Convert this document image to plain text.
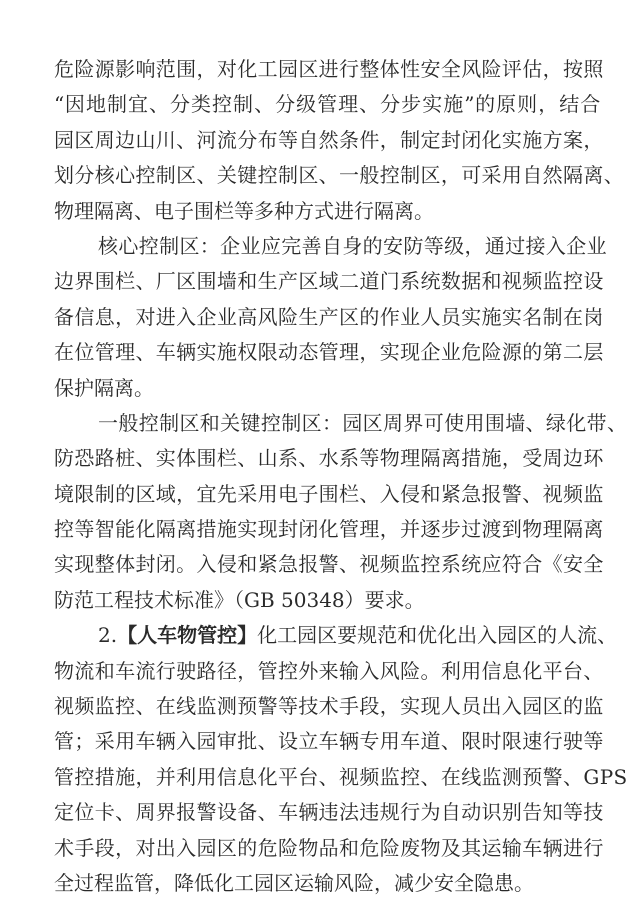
危 险 源 影 响 范 围 ， 对 化 工 园 区 进 行 整 体 性 安 全 风 险 评 估 ， 按 照
“ 因 地 制 宜 、 分 类 控 制 、 分 级 管 理 、 分 步 实 施 ” 的 原 则 ， 结 合
园 区 周 边 山 川 、 河 流 分 布 等 自 然 条 件 ， 制 定 封 闭 化 实 施 方 案 ，
划 分 核 心 控 制 区 、 关 键 控 制 区 、 一 般 控 制 区 ， 可 采 用 自 然 隔 离 、
物理隔离、电子围栏等多种方式进行隔离。
核 心 控 制 区 ： 企 业 应 完 善 自 身 的 安 防 等 级 ， 通 过 接 入 企 业
边 界 围 栏 、 厂 区 围 墙 和 生 产 区 域 二 道 门 系 统 数 据 和 视 频 监 控 设
备 信 息 ， 对 进 入 企 业 高 风 险 生 产 区 的 作 业 人 员 实 施 实 名 制 在 岗
在 位 管 理 、 车 辆 实 施 权 限 动 态 管 理 ， 实 现 企 业 危 险 源 的 第 二 层
保护隔离。
一 般 控 制 区 和 关 键 控 制 区 ： 园 区 周 界 可 使 用 围 墙 、 绿 化 带 、
防 恐 路 桩 、 实 体 围 栏 、 山 系 、 水 系 等 物 理 隔 离 措 施 ， 受 周 边 环
境 限 制 的 区 域 ， 宜 先 采 用 电 子 围 栏 、 入 侵 和 紧 急 报 警 、 视 频 监
控 等 智 能 化 隔 离 措 施 实 现 封 闭 化 管 理 ， 并 逐 步 过 渡 到 物 理 隔 离
实 现 整 体 封 闭 。 入 侵 和 紧 急 报 警 、 视 频 监 控 系 统 应 符 合 《 安 全
防范工程技术标准》（GB 50348）要求。
2. 【人车物管控】 化工园区要规范和优化出入园区的人流、
物 流 和 车 流 行 驶 路 径 ， 管 控 外 来 输 入 风 险 。 利 用 信 息 化 平 台 、
视 频 监 控 、 在 线 监 测 预 警 等 技 术 手 段 ， 实 现 人 员 出 入 园 区 的 监
管 ； 采 用 车 辆 入 园 审 批 、 设 立 车 辆 专 用 车 道 、 限 时 限 速 行 驶 等
管 控 措 施 ， 并 利 用 信 息 化 平 台 、 视 频 监 控 、 在 线 监 测 预 警 、 G P S
定 位 卡 、 周 界 报 警 设 备 、 车 辆 违 法 违 规 行 为 自 动 识 别 告 知 等 技
术 手 段 ， 对 出 入 园 区 的 危 险 物 品 和 危 险 废 物 及 其 运 输 车 辆 进 行
全过程监管，降低化工园区运输风险，减少安全隐患。
